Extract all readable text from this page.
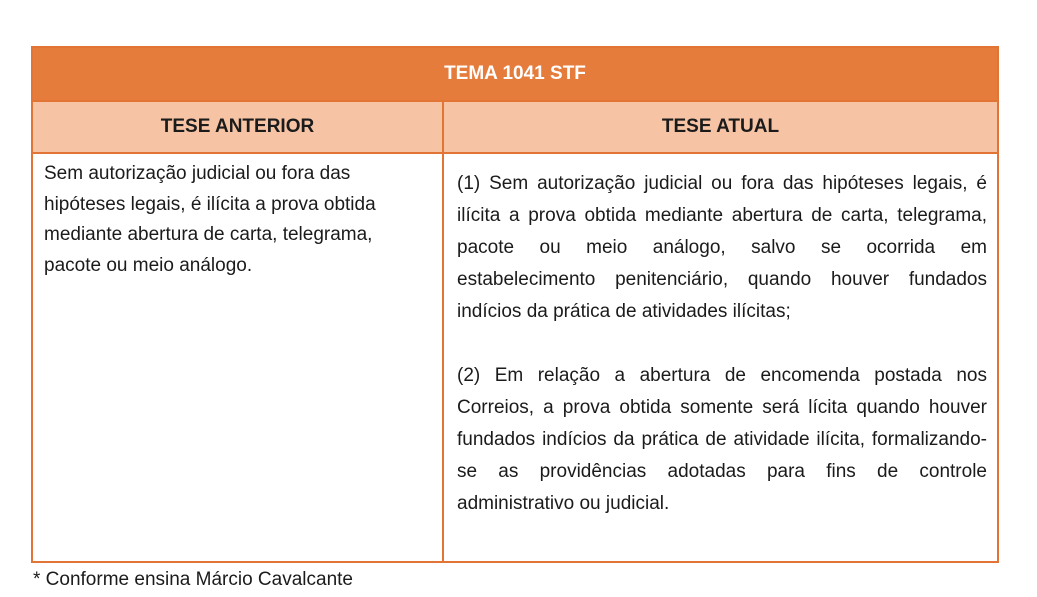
TEMA 1041 STF
TESE ANTERIOR	TESE ATUAL
Sem autorização judicial ou fora das hipóteses legais, é ilícita a prova obtida mediante abertura de carta, telegrama, pacote ou meio análogo.
(1) Sem autorização judicial ou fora das hipóteses legais, é ilícita a prova obtida mediante abertura de carta, telegrama, pacote ou meio análogo, salvo se ocorrida em estabelecimento penitenciário, quando houver fundados indícios da prática de atividades ilícitas;
(2) Em relação a abertura de encomenda postada nos Correios, a prova obtida somente será lícita quando houver fundados indícios da prática de atividade ilícita, formalizando-se as providências adotadas para fins de controle administrativo ou judicial.
* Conforme ensina Márcio Cavalcante
